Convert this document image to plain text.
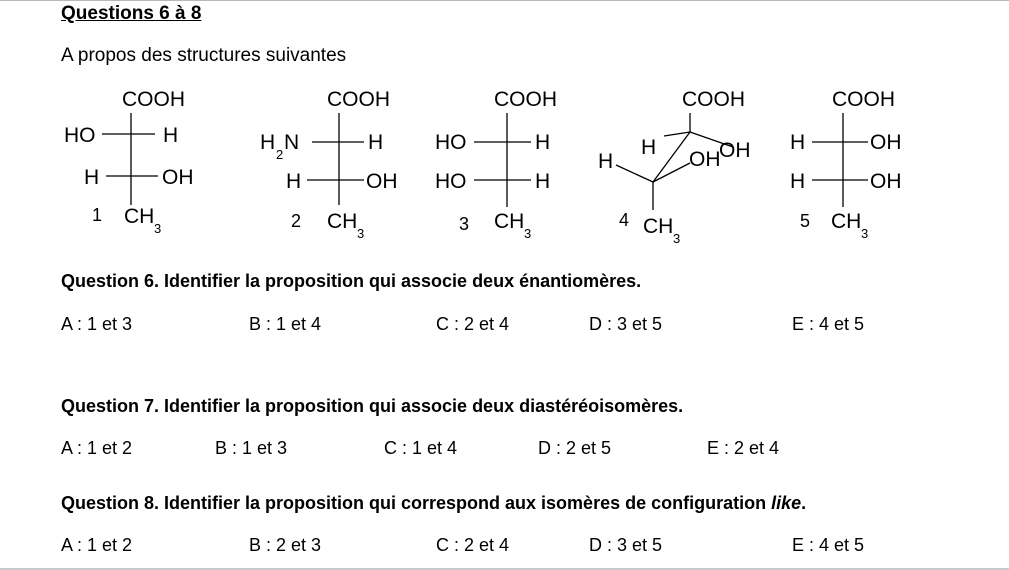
Questions 6 à 8
A propos des structures suivantes
COOH
HO	H
H	OH
1 CH
3
COOH
H
2
N	H
H	OH
2 CH
3
COOH
HO	H
HO	H
3 CH
3
COOH
H	OH
H	OH
4 CH
3
COOH
H	OH
H	OH
5 CH
3
Question 6. Identifier la proposition qui associe deux énantiomères.
A : 1 et 3	B : 1 et 4	C : 2 et 4	D : 3 et 5	E : 4 et 5
Question 7. Identifier la proposition qui associe deux diastéréoisomères.
A : 1 et 2	B : 1 et 3	C : 1 et 4	D : 2 et 5	E : 2 et 4
Question 8. Identifier la proposition qui correspond aux isomères de configuration like.
A : 1 et 2	B : 2 et 3	C : 2 et 4	D : 3 et 5	E : 4 et 5
